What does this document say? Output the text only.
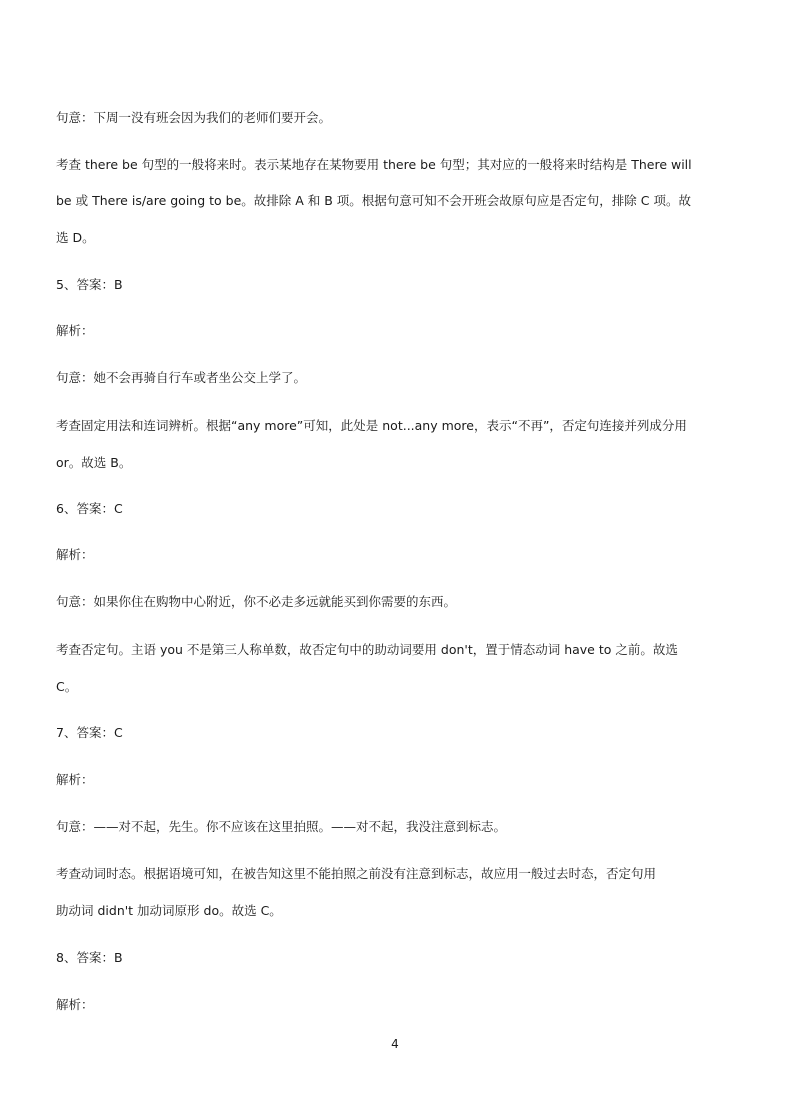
句意：下周一没有班会因为我们的老师们要开会。
考查 there be 句型的一般将来时。表示某地存在某物要用 there be 句型；其对应的一般将来时结构是 There will
be 或 There is/are going to be。故排除 A 和 B 项。根据句意可知不会开班会故原句应是否定句，排除 C 项。故
选 D。
5、答案：B
解析：
句意：她不会再骑自行车或者坐公交上学了。
考查固定用法和连词辨析。根据“any more”可知，此处是 not...any more，表示“不再”，否定句连接并列成分用
or。故选 B。
6、答案：C
解析：
句意：如果你住在购物中心附近，你不必走多远就能买到你需要的东西。
考查否定句。主语 you 不是第三人称单数，故否定句中的助动词要用 don't，置于情态动词 have to 之前。故选
C。
7、答案：C
解析：
句意：——对不起，先生。你不应该在这里拍照。——对不起，我没注意到标志。
考查动词时态。根据语境可知，在被告知这里不能拍照之前没有注意到标志，故应用一般过去时态，否定句用
助动词 didn't 加动词原形 do。故选 C。
8、答案：B
解析：
4
